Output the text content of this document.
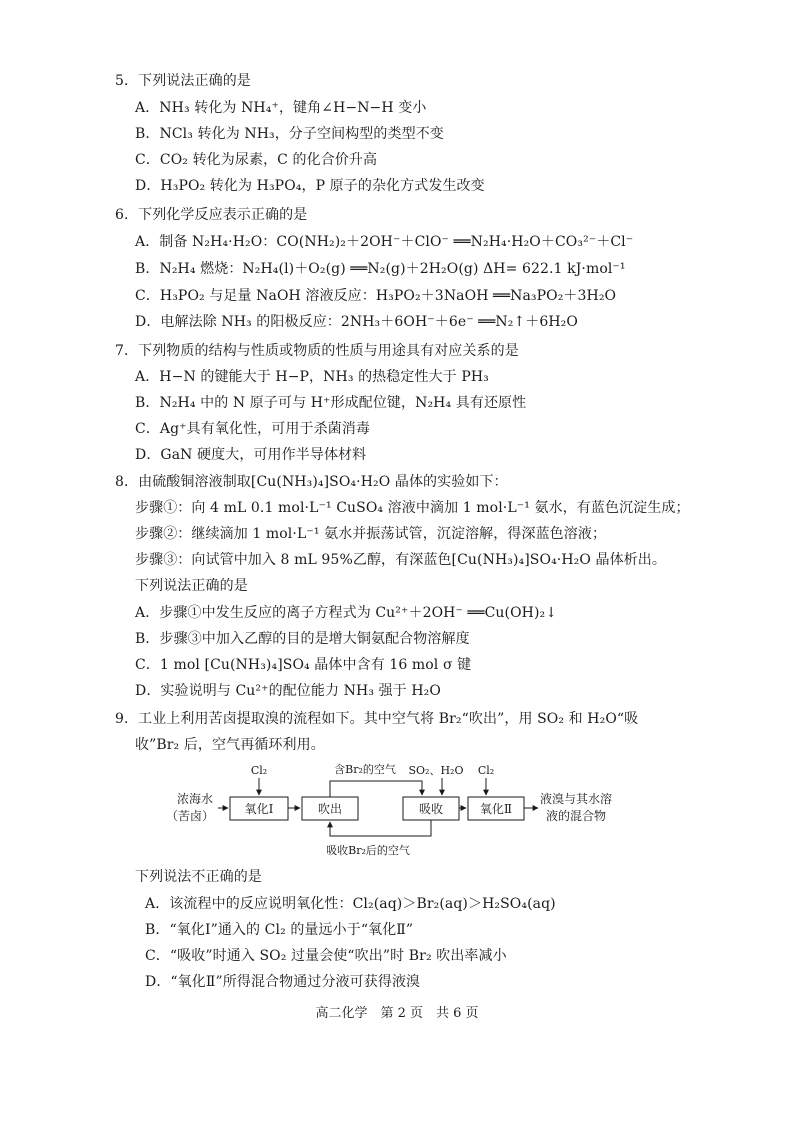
5．下列说法正确的是
A．NH₃ 转化为 NH₄⁺，键角∠H−N−H 变小
B．NCl₃ 转化为 NH₃，分子空间构型的类型不变
C．CO₂ 转化为尿素，C 的化合价升高
D．H₃PO₂ 转化为 H₃PO₄，P 原子的杂化方式发生改变
6．下列化学反应表示正确的是
A．制备 N₂H₄·H₂O：CO(NH₂)₂＋2OH⁻＋ClO⁻ ══N₂H₄·H₂O＋CO₃²⁻＋Cl⁻
B．N₂H₄ 燃烧：N₂H₄(l)＋O₂(g) ══N₂(g)＋2H₂O(g) ΔH= 622.1 kJ·mol⁻¹
C．H₃PO₂ 与足量 NaOH 溶液反应：H₃PO₂＋3NaOH ══Na₃PO₂＋3H₂O
D．电解法除 NH₃ 的阳极反应：2NH₃＋6OH⁻＋6e⁻ ══N₂↑＋6H₂O
7．下列物质的结构与性质或物质的性质与用途具有对应关系的是
A．H−N 的键能大于 H−P，NH₃ 的热稳定性大于 PH₃
B．N₂H₄ 中的 N 原子可与 H⁺形成配位键，N₂H₄ 具有还原性
C．Ag⁺具有氧化性，可用于杀菌消毒
D．GaN 硬度大，可用作半导体材料
8．由硫酸铜溶液制取[Cu(NH₃)₄]SO₄·H₂O 晶体的实验如下：
步骤①：向 4 mL 0.1 mol·L⁻¹ CuSO₄ 溶液中滴加 1 mol·L⁻¹ 氨水，有蓝色沉淀生成；
步骤②：继续滴加 1 mol·L⁻¹ 氨水并振荡试管，沉淀溶解，得深蓝色溶液；
步骤③：向试管中加入 8 mL 95%乙醇，有深蓝色[Cu(NH₃)₄]SO₄·H₂O 晶体析出。
下列说法正确的是
A．步骤①中发生反应的离子方程式为 Cu²⁺＋2OH⁻ ══Cu(OH)₂↓
B．步骤③中加入乙醇的目的是增大铜氨配合物溶解度
C．1 mol [Cu(NH₃)₄]SO₄ 晶体中含有 16 mol σ 键
D．实验说明与 Cu²⁺的配位能力 NH₃ 强于 H₂O
9．工业上利用苦卤提取溴的流程如下。其中空气将 Br₂“吹出”，用 SO₂ 和 H₂O“吸
收”Br₂ 后，空气再循环利用。
浓海水
（苦卤）	氧化Ⅰ
Cl₂
吹出
含Br₂的空气 SO₂、H₂O
吸收
吸收Br₂后的空气
氧化Ⅱ
Cl₂
液溴与其水溶
液的混合物
下列说法不正确的是
A．该流程中的反应说明氧化性：Cl₂(aq)＞Br₂(aq)＞H₂SO₄(aq)
B．“氧化Ⅰ”通入的 Cl₂ 的量远小于“氧化Ⅱ”
C．“吸收”时通入 SO₂ 过量会使“吹出”时 Br₂ 吹出率减小
D．“氧化Ⅱ”所得混合物通过分液可获得液溴
高二化学　第 2 页　共 6 页
